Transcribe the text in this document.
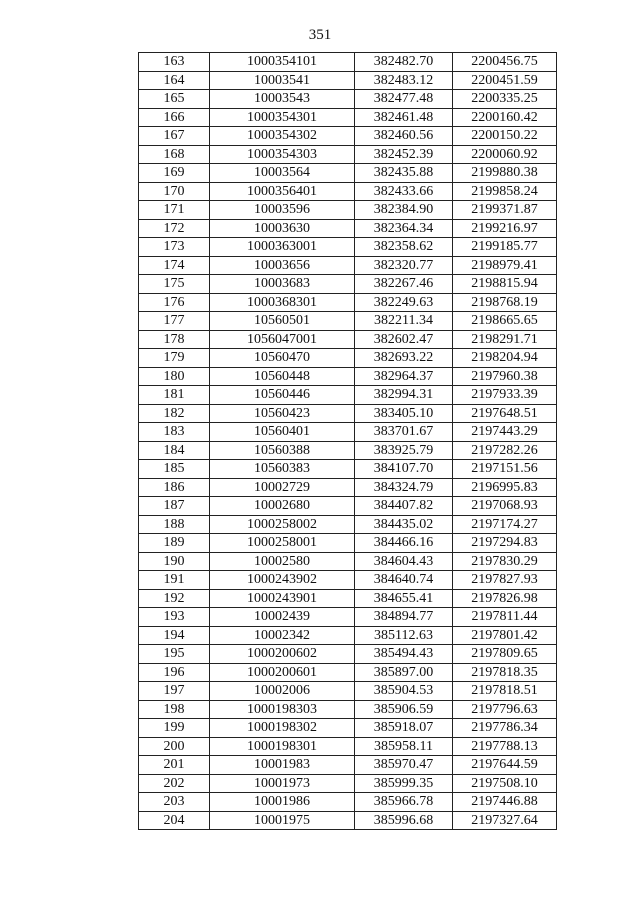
351
163	1000354101	382482.70	2200456.75
164	10003541	382483.12	2200451.59
165	10003543	382477.48	2200335.25
166	1000354301	382461.48	2200160.42
167	1000354302	382460.56	2200150.22
168	1000354303	382452.39	2200060.92
169	10003564	382435.88	2199880.38
170	1000356401	382433.66	2199858.24
171	10003596	382384.90	2199371.87
172	10003630	382364.34	2199216.97
173	1000363001	382358.62	2199185.77
174	10003656	382320.77	2198979.41
175	10003683	382267.46	2198815.94
176	1000368301	382249.63	2198768.19
177	10560501	382211.34	2198665.65
178	1056047001	382602.47	2198291.71
179	10560470	382693.22	2198204.94
180	10560448	382964.37	2197960.38
181	10560446	382994.31	2197933.39
182	10560423	383405.10	2197648.51
183	10560401	383701.67	2197443.29
184	10560388	383925.79	2197282.26
185	10560383	384107.70	2197151.56
186	10002729	384324.79	2196995.83
187	10002680	384407.82	2197068.93
188	1000258002	384435.02	2197174.27
189	1000258001	384466.16	2197294.83
190	10002580	384604.43	2197830.29
191	1000243902	384640.74	2197827.93
192	1000243901	384655.41	2197826.98
193	10002439	384894.77	2197811.44
194	10002342	385112.63	2197801.42
195	1000200602	385494.43	2197809.65
196	1000200601	385897.00	2197818.35
197	10002006	385904.53	2197818.51
198	1000198303	385906.59	2197796.63
199	1000198302	385918.07	2197786.34
200	1000198301	385958.11	2197788.13
201	10001983	385970.47	2197644.59
202	10001973	385999.35	2197508.10
203	10001986	385966.78	2197446.88
204	10001975	385996.68	2197327.64
